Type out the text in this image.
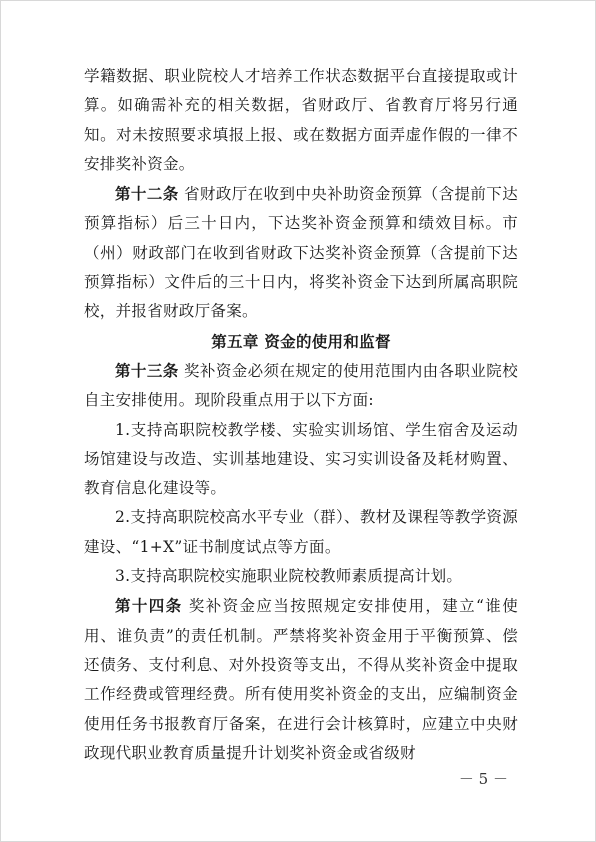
学籍数据、职业院校人才培养工作状态数据平台直接提取或计算。如确需补充的相关数据，省财政厅、省教育厅将另行通知。对未按照要求填报上报、或在数据方面弄虚作假的一律不安排奖补资金。

第十二条 省财政厅在收到中央补助资金预算（含提前下达预算指标）后三十日内，下达奖补资金预算和绩效目标。市（州）财政部门在收到省财政下达奖补资金预算（含提前下达预算指标）文件后的三十日内，将奖补资金下达到所属高职院校，并报省财政厅备案。

第五章 资金的使用和监督

第十三条 奖补资金必须在规定的使用范围内由各职业院校自主安排使用。现阶段重点用于以下方面:

1.支持高职院校教学楼、实验实训场馆、学生宿舍及运动场馆建设与改造、实训基地建设、实习实训设备及耗材购置、教育信息化建设等。

2.支持高职院校高水平专业（群）、教材及课程等教学资源建设、“1+X”证书制度试点等方面。

3.支持高职院校实施职业院校教师素质提高计划。

第十四条 奖补资金应当按照规定安排使用，建立“谁使用、谁负责”的责任机制。严禁将奖补资金用于平衡预算、偿还债务、支付利息、对外投资等支出，不得从奖补资金中提取工作经费或管理经费。所有使用奖补资金的支出，应编制资金使用任务书报教育厅备案，在进行会计核算时，应建立中央财政现代职业教育质量提升计划奖补资金或省级财

－ 5 －
